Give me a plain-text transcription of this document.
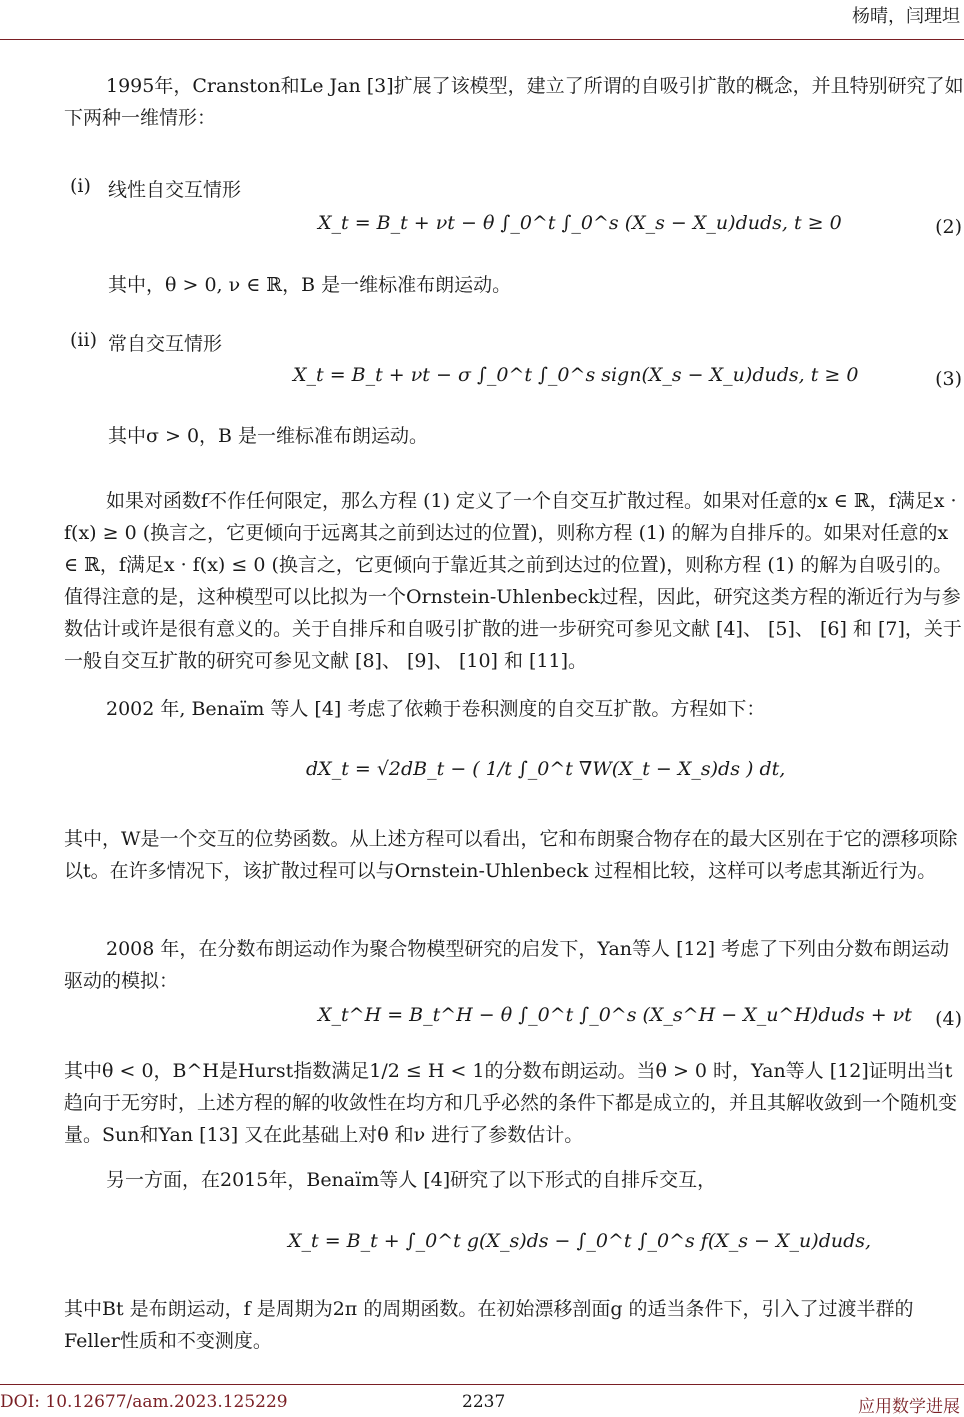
杨晴，闫理坦
1995年，Cranston和Le Jan [3]扩展了该模型，建立了所谓的自吸引扩散的概念，并且特别研究了如下两种一维情形：
(i) 线性自交互情形
X_t = B_t + νt − θ ∫_0^t ∫_0^s (X_s − X_u)duds, t ≥ 0	(2)
其中，θ > 0, ν ∈ ℝ，B 是一维标准布朗运动。
(ii) 常自交互情形
X_t = B_t + νt − σ ∫_0^t ∫_0^s sign(X_s − X_u)duds, t ≥ 0	(3)
其中σ > 0，B 是一维标准布朗运动。
如果对函数f不作任何限定，那么方程 (1) 定义了一个自交互扩散过程。如果对任意的x ∈ ℝ，f满足x · f(x) ≥ 0 (换言之，它更倾向于远离其之前到达过的位置)，则称方程 (1) 的解为自排斥的。如果对任意的x ∈ ℝ，f满足x · f(x) ≤ 0 (换言之，它更倾向于靠近其之前到达过的位置)，则称方程 (1) 的解为自吸引的。值得注意的是，这种模型可以比拟为一个Ornstein-Uhlenbeck过程，因此，研究这类方程的渐近行为与参数估计或许是很有意义的。关于自排斥和自吸引扩散的进一步研究可参见文献 [4]、 [5]、 [6] 和 [7]，关于一般自交互扩散的研究可参见文献 [8]、 [9]、 [10] 和 [11]。
2002 年, Benaïm 等人 [4] 考虑了依赖于卷积测度的自交互扩散。方程如下：
dX_t = √2dB_t − ( 1/t ∫_0^t ∇W(X_t − X_s)ds ) dt,
其中，W是一个交互的位势函数。从上述方程可以看出，它和布朗聚合物存在的最大区别在于它的漂移项除以t。在许多情况下，该扩散过程可以与Ornstein-Uhlenbeck 过程相比较，这样可以考虑其渐近行为。
2008 年，在分数布朗运动作为聚合物模型研究的启发下，Yan等人 [12] 考虑了下列由分数布朗运动驱动的模拟：
X_t^H = B_t^H − θ ∫_0^t ∫_0^s (X_s^H − X_u^H)duds + νt (4)
其中θ < 0，B^H是Hurst指数满足1/2 ≤ H < 1的分数布朗运动。当θ > 0 时，Yan等人 [12]证明出当t趋向于无穷时，上述方程的解的收敛性在均方和几乎必然的条件下都是成立的，并且其解收敛到一个随机变量。Sun和Yan [13] 又在此基础上对θ 和ν 进行了参数估计。
另一方面，在2015年，Benaïm等人 [4]研究了以下形式的自排斥交互，
X_t = B_t + ∫_0^t g(X_s)ds − ∫_0^t ∫_0^s f(X_s − X_u)duds,
其中Bt 是布朗运动，f 是周期为2π 的周期函数。在初始漂移剖面g 的适当条件下，引入了过渡半群的Feller性质和不变测度。
DOI: 10.12677/aam.2023.125229	2237	应用数学进展
